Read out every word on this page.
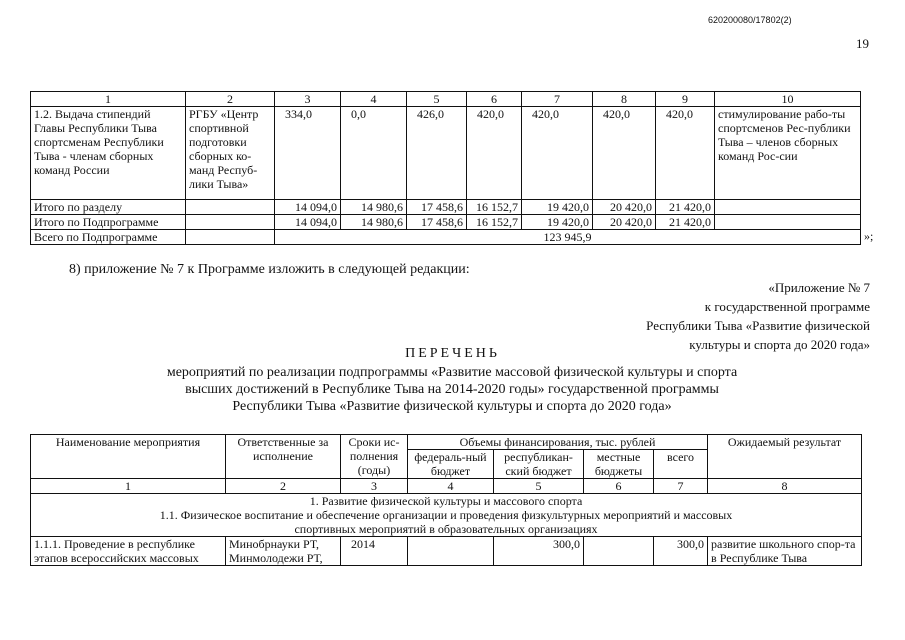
620200080/17802(2)
19
1	2	3	4	5	6	7	8	9	10
1.2. Выдача стипендий Главы Республики Тыва спортсменам Республики Тыва - членам сборных команд России	РГБУ «Центр спортивной подготовки сборных ко-манд Респуб-лики Тыва»	334,0	0,0	426,0	420,0	420,0	420,0	420,0	стимулирование рабо-ты спортсменов Рес-публики Тыва – членов сборных команд Рос-сии
Итого по разделу		14 094,0	14 980,6	17 458,6	16 152,7	19 420,0	20 420,0	21 420,0	
Итого по Подпрограмме		14 094,0	14 980,6	17 458,6	16 152,7	19 420,0	20 420,0	21 420,0	
Всего по Подпрограмме		123 945,9								»;
8) приложение № 7 к Программе изложить в следующей редакции:
«Приложение № 7
к государственной программе
Республики Тыва «Развитие физической
культуры и спорта до 2020 года»
ПЕРЕЧЕНЬ
мероприятий по реализации подпрограммы «Развитие массовой физической культуры и спорта высших достижений в Республике Тыва на 2014-2020 годы» государственной программы Республики Тыва «Развитие физической культуры и спорта до 2020 года»
Наименование мероприятия	Ответственные за исполнение	Сроки ис-полнения (годы)	Объемы финансирования, тыс. рублей				Ожидаемый результат
			федераль-ный бюджет	республикан-ский бюджет	местные бюджеты	всего	
1	2	3	4	5	6	7	8

1. Развитие физической культуры и массового спорта
1.1. Физическое воспитание и обеспечение организации и проведения физкультурных мероприятий и массовых спортивных мероприятий в образовательных организациях							

1.1.1. Проведение в республике этапов всероссийских массовых	Минобрнауки РТ, Минмолодежи РТ,	2014		300,0		300,0	развитие школьного спор-та в Республике Тыва
